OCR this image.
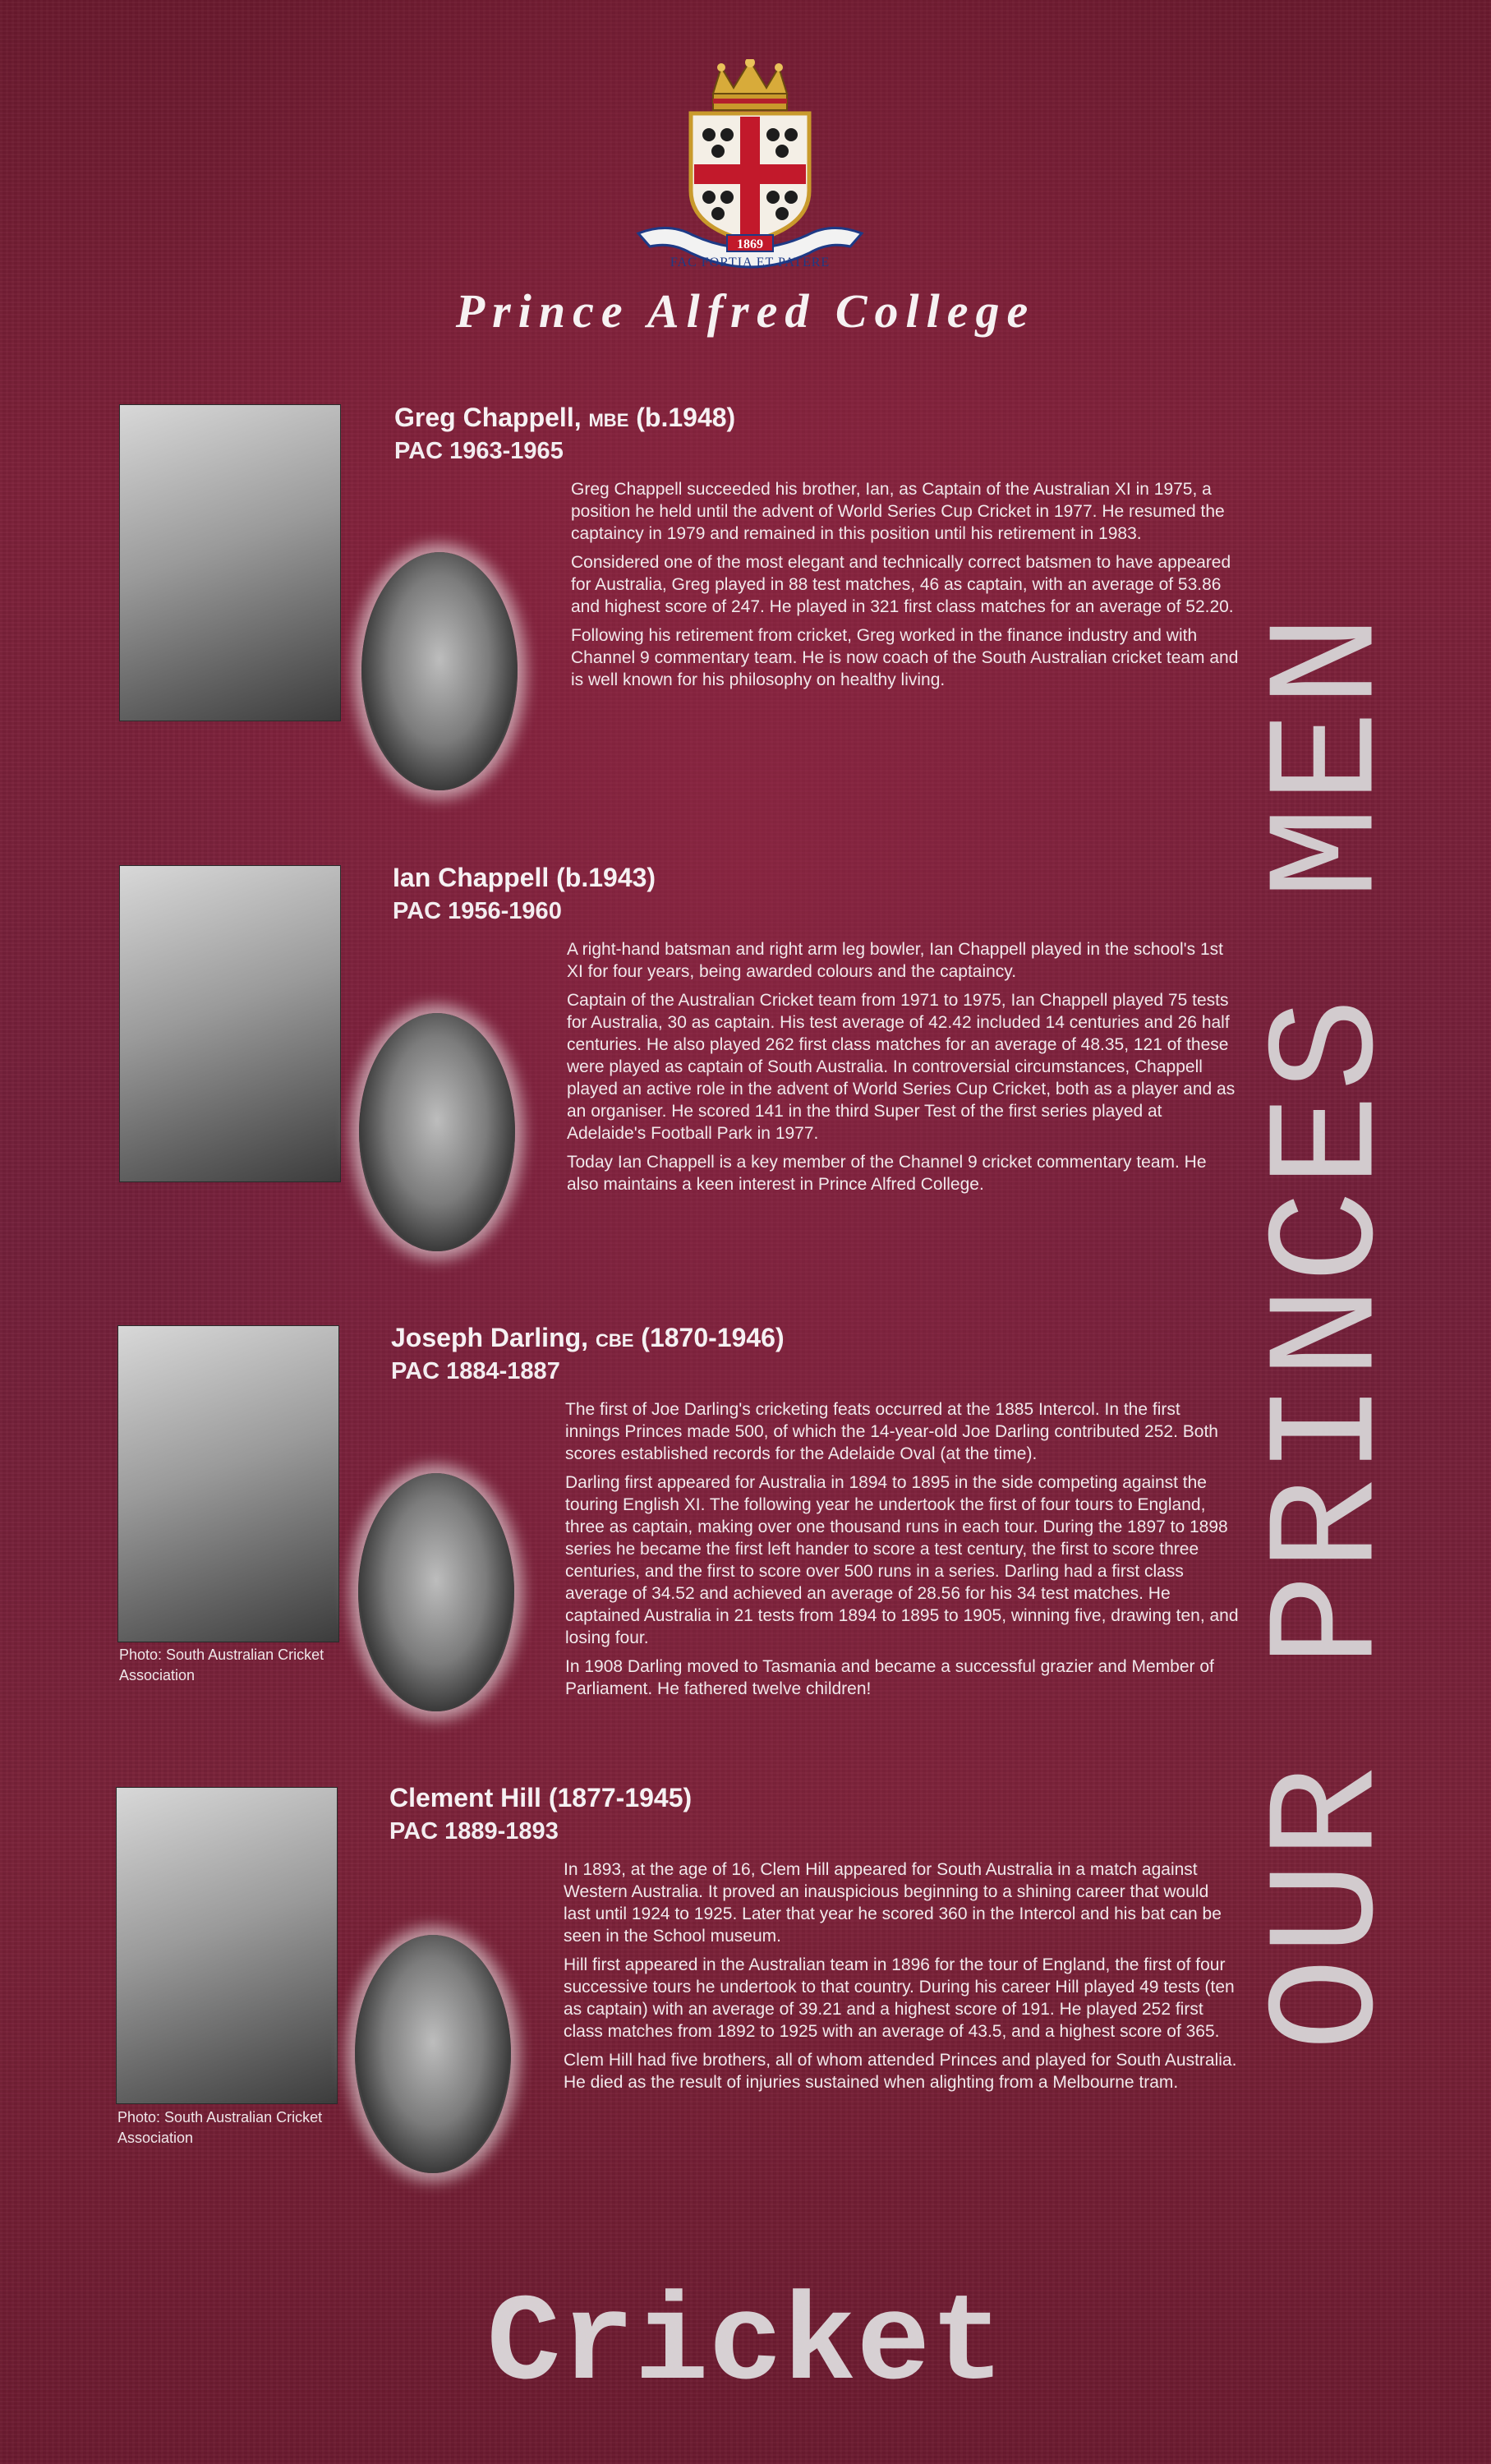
1869
FAC FORTIA ET PATERE
Prince Alfred College
OUR PRINCES MEN
Greg Chappell, MBE (b.1948)
PAC 1963-1965

Greg Chappell succeeded his brother, Ian, as Captain of the Australian XI in 1975, a position he held until the advent of World Series Cup Cricket in 1977. He resumed the captaincy in 1979 and remained in this position until his retirement in 1983.

Considered one of the most elegant and technically correct batsmen to have appeared for Australia, Greg played in 88 test matches, 46 as captain, with an average of 53.86 and highest score of 247. He played in 321 first class matches for an average of 52.20.

Following his retirement from cricket, Greg worked in the finance industry and with Channel 9 commentary team. He is now coach of the South Australian cricket team and is well known for his philosophy on healthy living.

Ian Chappell (b.1943)
PAC 1956-1960

A right-hand batsman and right arm leg bowler, Ian Chappell played in the school's 1st XI for four years, being awarded colours and the captaincy.

Captain of the Australian Cricket team from 1971 to 1975, Ian Chappell played 75 tests for Australia, 30 as captain. His test average of 42.42 included 14 centuries and 26 half centuries. He also played 262 first class matches for an average of 48.35, 121 of these were played as captain of South Australia. In controversial circumstances, Chappell played an active role in the advent of World Series Cup Cricket, both as a player and as an organiser. He scored 141 in the third Super Test of the first series played at Adelaide's Football Park in 1977.

Today Ian Chappell is a key member of the Channel 9 cricket commentary team. He also maintains a keen interest in Prince Alfred College.

Photo: South Australian Cricket Association
Joseph Darling, CBE (1870-1946)
PAC 1884-1887

The first of Joe Darling's cricketing feats occurred at the 1885 Intercol. In the first innings Princes made 500, of which the 14-year-old Joe Darling contributed 252. Both scores established records for the Adelaide Oval (at the time).

Darling first appeared for Australia in 1894 to 1895 in the side competing against the touring English XI. The following year he undertook the first of four tours to England, three as captain, making over one thousand runs in each tour. During the 1897 to 1898 series he became the first left hander to score a test century, the first to score three centuries, and the first to score over 500 runs in a series. Darling had a first class average of 34.52 and achieved an average of 28.56 for his 34 test matches. He captained Australia in 21 tests from 1894 to 1895 to 1905, winning five, drawing ten, and losing four.

In 1908 Darling moved to Tasmania and became a successful grazier and Member of Parliament. He fathered twelve children!

Photo: South Australian Cricket Association
Clement Hill (1877-1945)
PAC 1889-1893

In 1893, at the age of 16, Clem Hill appeared for South Australia in a match against Western Australia. It proved an inauspicious beginning to a shining career that would last until 1924 to 1925. Later that year he scored 360 in the Intercol and his bat can be seen in the School museum.

Hill first appeared in the Australian team in 1896 for the tour of England, the first of four successive tours he undertook to that country. During his career Hill played 49 tests (ten as captain) with an average of 39.21 and a highest score of 191. He played 252 first class matches from 1892 to 1925 with an average of 43.5, and a highest score of 365.

Clem Hill had five brothers, all of whom attended Princes and played for South Australia. He died as the result of injuries sustained when alighting from a Melbourne tram.

Cricket
